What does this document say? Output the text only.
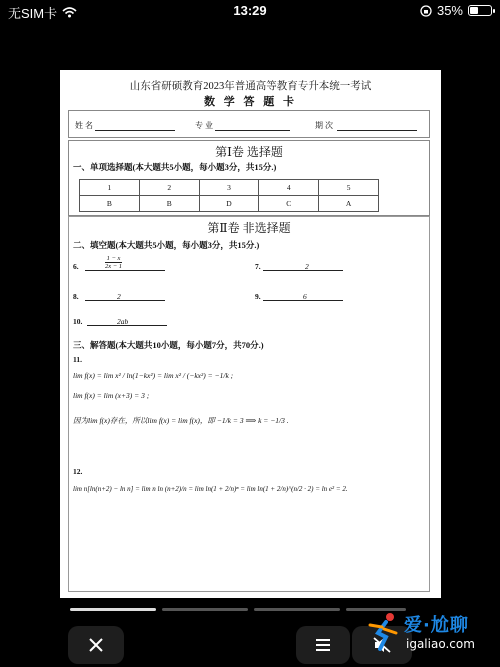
无SIM卡	13:29	35%
山东省研硕教育2023年普通高等教育专升本统一考试
数 学 答 题 卡
姓 名	专 业	期 次
第Ⅰ卷 选择题
一、单项选择题(本大题共5小题，每小题3分，共15分.)
1	2	3	4	5
B	B	D	C	A
第Ⅱ卷 非选择题
二、填空题(本大题共5小题，每小题3分，共15分.)
6.	$\frac{1 - x}{2x - 1}$	7.	2
8.	2	9.	6
10.	2ab
三、解答题(本大题共10小题，每小题7分，共70分.)
11.
lim f(x) = lim x² / ln(1−kx²) = lim x² / (−kx²) = −1/k ;
lim f(x) = lim (x+3) = 3 ;
因为lim f(x)存在，所以lim f(x) = lim f(x)，即 −1/k = 3 ⟹ k = −1/3 .
12.
lim n[ln(n+2) − ln n] = lim n ln (n+2)/n = lim ln(1 + 2/n)ⁿ = lim ln(1 + 2/n)^(n/2 · 2) = ln e² = 2.
爱·尬聊
igaliao.com
